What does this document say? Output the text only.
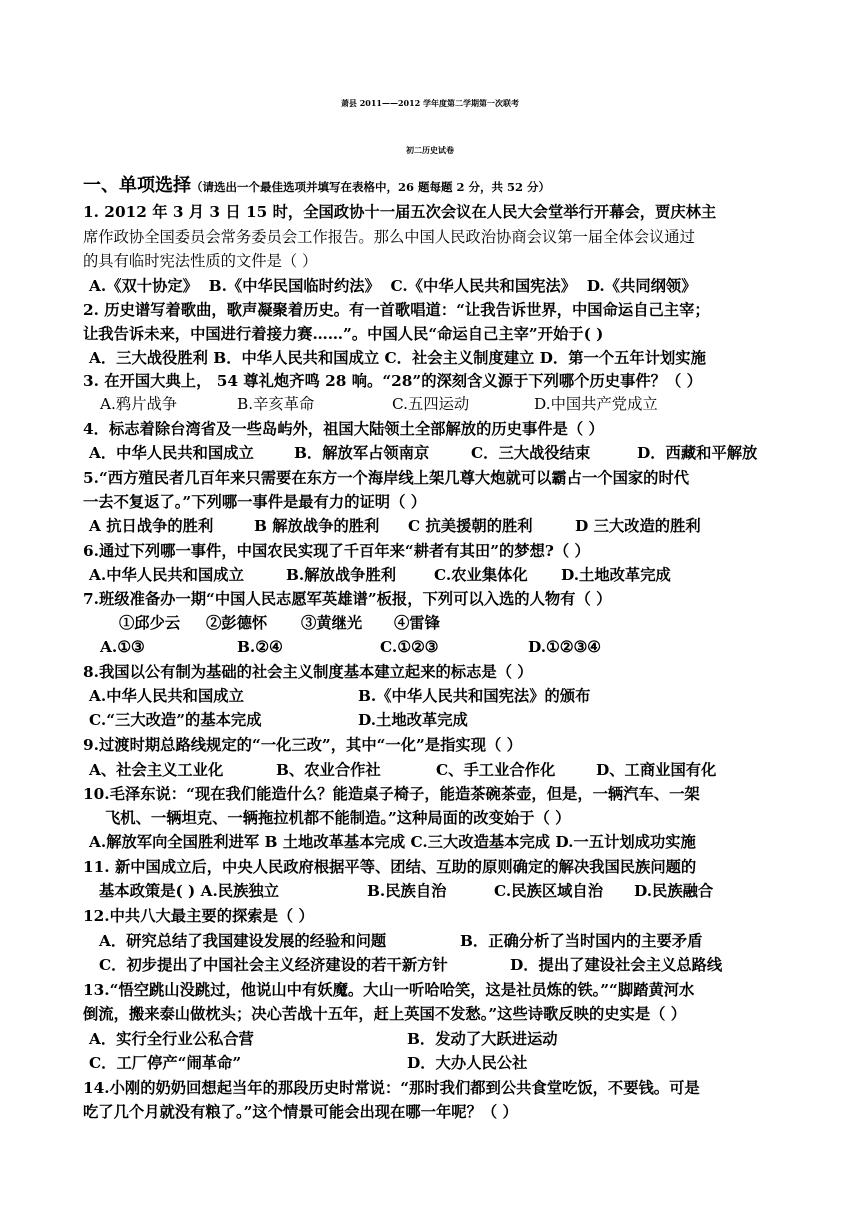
萧县 2011——2012 学年度第二学期第一次联考
初二历史试卷
一、单项选择（请选出一个最佳选项并填写在表格中，26 题每题 2 分，共 52 分）
1. 2012 年 3 月 3 日 15 时，全国政协十一届五次会议在人民大会堂举行开幕会，贾庆林主
席作政协全国委员会常务委员会工作报告。那么中国人民政治协商会议第一届全体会议通过
的具有临时宪法性质的文件是（ ）
A.《双十协定》 B.《中华民国临时约法》 C.《中华人民共和国宪法》 D.《共同纲领》
2. 历史谱写着歌曲，歌声凝聚着历史。有一首歌唱道：“让我告诉世界，中国命运自己主宰；
让我告诉未来，中国进行着接力赛……”。中国人民“命运自己主宰”开始于( )
A．三大战役胜利 B．中华人民共和国成立 C．社会主义制度建立 D．第一个五年计划实施
3. 在开国大典上， 54 尊礼炮齐鸣 28 响。“28”的深刻含义源于下列哪个历史事件？（ ）
A.鸦片战争	B.辛亥革命	C.五四运动	D.中国共产党成立
4．标志着除台湾省及一些岛屿外，祖国大陆领土全部解放的历史事件是（ ）
A．中华人民共和国成立	B．解放军占领南京	C．三大战役结束	D．西藏和平解放
5.“西方殖民者几百年来只需要在东方一个海岸线上架几尊大炮就可以霸占一个国家的时代
一去不复返了。”下列哪一事件是最有力的证明（ ）
A 抗日战争的胜利	B 解放战争的胜利 C 抗美援朝的胜利	D 三大改造的胜利
6.通过下列哪一事件，中国农民实现了千百年来“耕者有其田”的梦想?（ ）
A.中华人民共和国成立	B.解放战争胜利 C.农业集体化 D.土地改革完成
7.班级准备办一期“中国人民志愿军英雄谱”板报，下列可以入选的人物有（ ）
①邱少云 ②彭德怀 ③黄继光 ④雷锋
A.①③	B.②④	C.①②③	D.①②③④
8.我国以公有制为基础的社会主义制度基本建立起来的标志是（ ）
A.中华人民共和国成立	B.《中华人民共和国宪法》的颁布
C.“三大改造”的基本完成	D.土地改革完成
9.过渡时期总路线规定的“一化三改”，其中“一化”是指实现（ ）
A、社会主义工业化	B、农业合作社	C、手工业合作化	D、工商业国有化
10.毛泽东说：“现在我们能造什么？能造桌子椅子，能造茶碗茶壶，但是，一辆汽车、一架
飞机、一辆坦克、一辆拖拉机都不能制造。”这种局面的改变始于（ ）
A.解放军向全国胜利进军 B 土地改革基本完成 C.三大改造基本完成 D.一五计划成功实施
11. 新中国成立后，中央人民政府根据平等、团结、互助的原则确定的解决我国民族问题的
基本政策是( ) A.民族独立	B.民族自治	C.民族区域自治 D.民族融合
12.中共八大最主要的探索是（ ）
A．研究总结了我国建设发展的经验和问题	B．正确分析了当时国内的主要矛盾
C．初步提出了中国社会主义经济建设的若干新方针	D．提出了建设社会主义总路线
13.“悟空跳山没跳过，他说山中有妖魔。大山一听哈哈笑，这是社员炼的铁。”“脚踏黄河水
倒流，搬来泰山做枕头；决心苦战十五年，赶上英国不发愁。”这些诗歌反映的史实是（ ）
A．实行全行业公私合营	B．发动了大跃进运动
C．工厂停产“闹革命”	D．大办人民公社
14.小刚的奶奶回想起当年的那段历史时常说：“那时我们都到公共食堂吃饭，不要钱。可是
吃了几个月就没有粮了。”这个情景可能会出现在哪一年呢？（ ）
